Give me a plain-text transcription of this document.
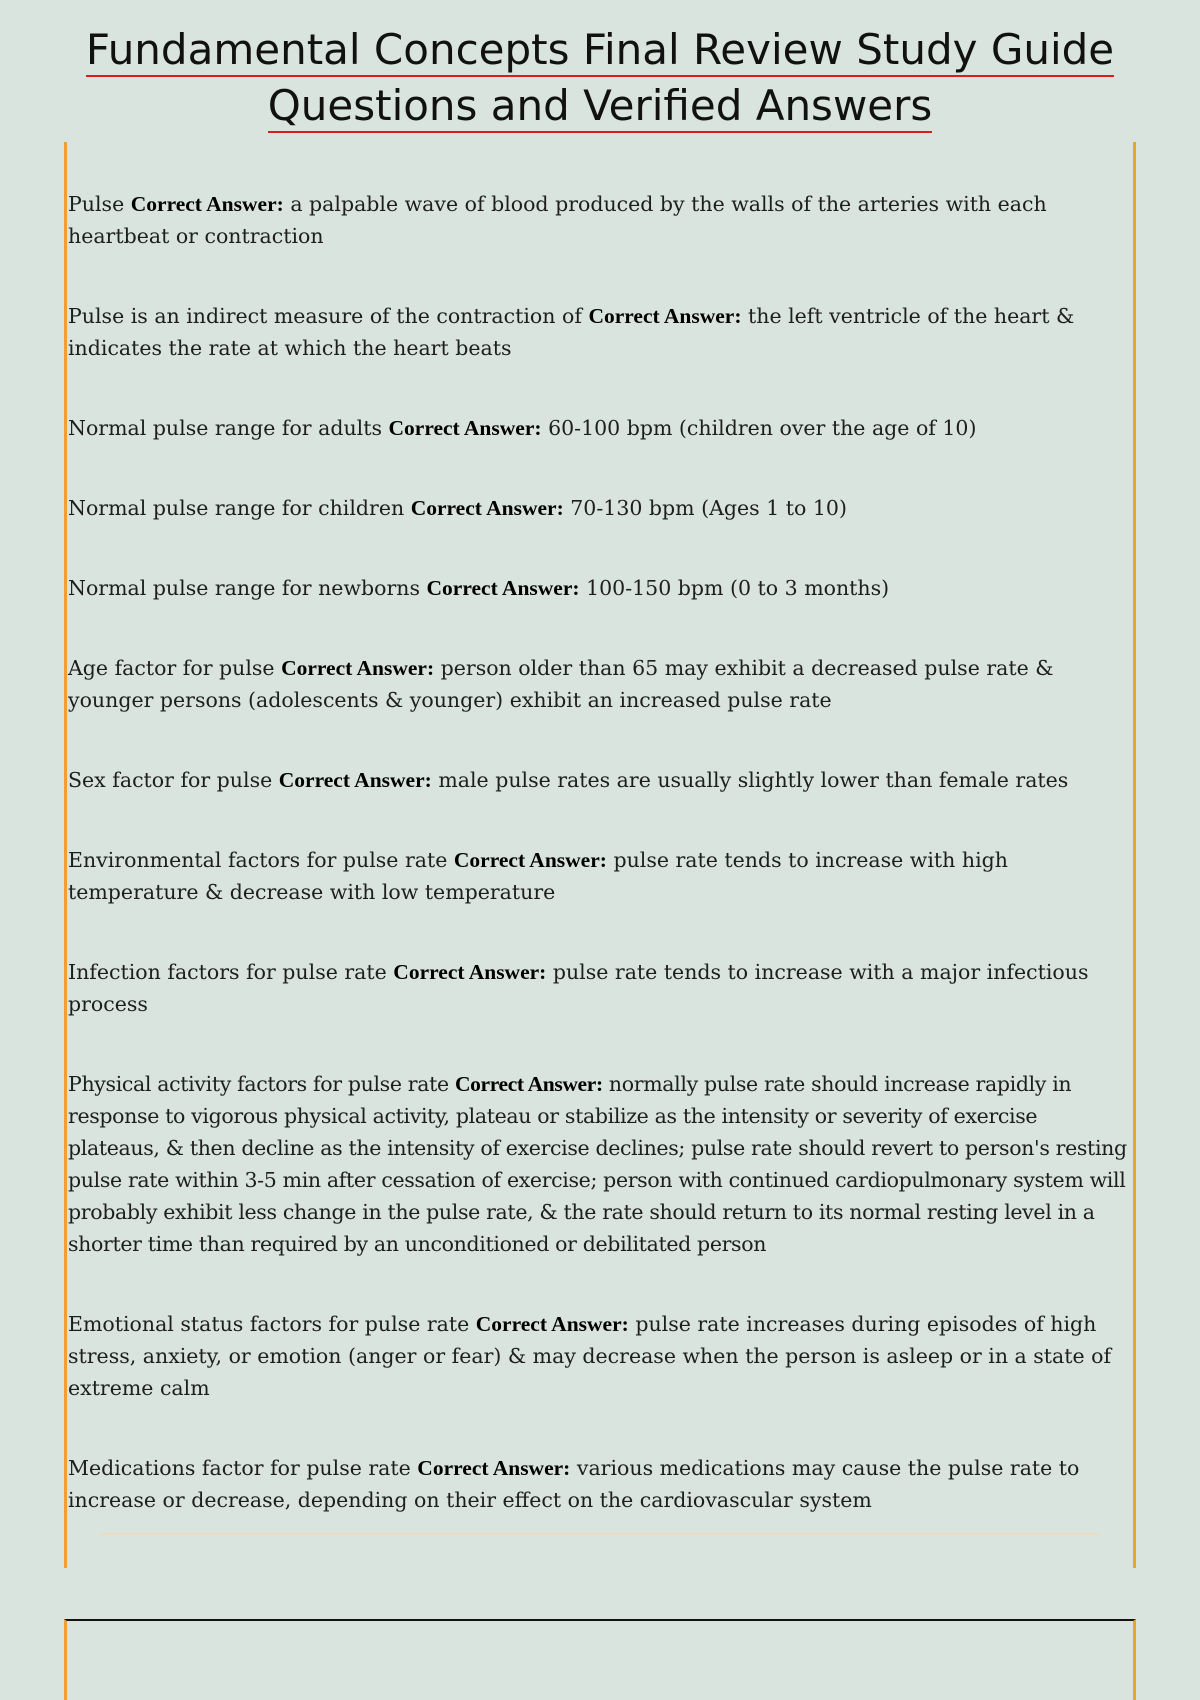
Fundamental Concepts Final Review Study Guide
Questions and Verified Answers
Pulse Correct Answer: a palpable wave of blood produced by the walls of the arteries with each heartbeat or contraction
Pulse is an indirect measure of the contraction of Correct Answer: the left ventricle of the heart & indicates the rate at which the heart beats
Normal pulse range for adults Correct Answer: 60-100 bpm (children over the age of 10)
Normal pulse range for children Correct Answer: 70-130 bpm (Ages 1 to 10)
Normal pulse range for newborns Correct Answer: 100-150 bpm (0 to 3 months)
Age factor for pulse Correct Answer: person older than 65 may exhibit a decreased pulse rate & younger persons (adolescents & younger) exhibit an increased pulse rate
Sex factor for pulse Correct Answer: male pulse rates are usually slightly lower than female rates
Environmental factors for pulse rate Correct Answer: pulse rate tends to increase with high temperature & decrease with low temperature
Infection factors for pulse rate Correct Answer: pulse rate tends to increase with a major infectious process
Physical activity factors for pulse rate Correct Answer: normally pulse rate should increase rapidly in response to vigorous physical activity, plateau or stabilize as the intensity or severity of exercise plateaus, & then decline as the intensity of exercise declines; pulse rate should revert to person's resting pulse rate within 3-5 min after cessation of exercise; person with continued cardiopulmonary system will probably exhibit less change in the pulse rate, & the rate should return to its normal resting level in a shorter time than required by an unconditioned or debilitated person
Emotional status factors for pulse rate Correct Answer: pulse rate increases during episodes of high stress, anxiety, or emotion (anger or fear) & may decrease when the person is asleep or in a state of extreme calm
Medications factor for pulse rate Correct Answer: various medications may cause the pulse rate to increase or decrease, depending on their effect on the cardiovascular system
